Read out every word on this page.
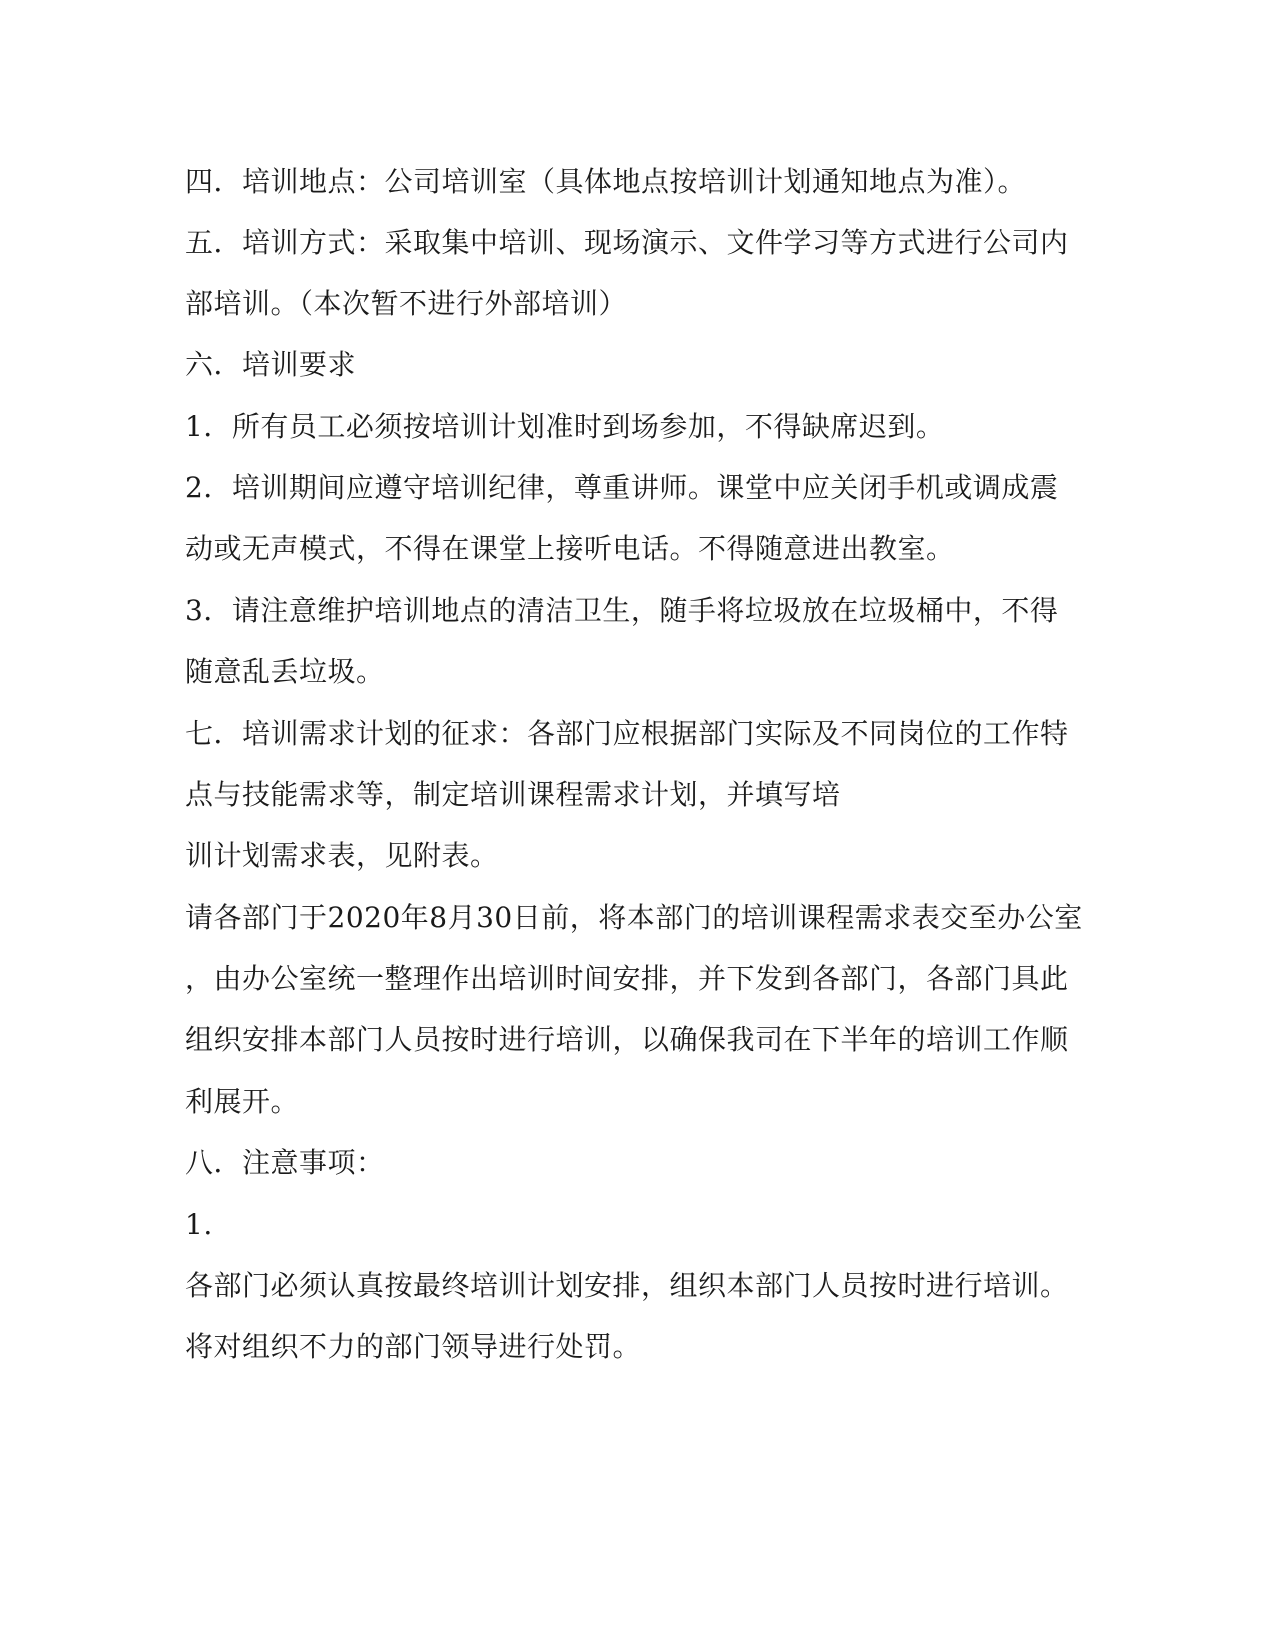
四．培训地点：公司培训室（具体地点按培训计划通知地点为准）。

五．培训方式：采取集中培训、现场演示、文件学习等方式进行公司内

部培训。（本次暂不进行外部培训）

六．培训要求

1．所有员工必须按培训计划准时到场参加，不得缺席迟到。

2．培训期间应遵守培训纪律，尊重讲师。课堂中应关闭手机或调成震

动或无声模式，不得在课堂上接听电话。不得随意进出教室。

3．请注意维护培训地点的清洁卫生，随手将垃圾放在垃圾桶中，不得

随意乱丢垃圾。

七．培训需求计划的征求：各部门应根据部门实际及不同岗位的工作特

点与技能需求等，制定培训课程需求计划，并填写培

训计划需求表，见附表。

请各部门于2020年8月30日前，将本部门的培训课程需求表交至办公室

，由办公室统一整理作出培训时间安排，并下发到各部门，各部门具此

组织安排本部门人员按时进行培训，以确保我司在下半年的培训工作顺

利展开。

八．注意事项：

1.

各部门必须认真按最终培训计划安排，组织本部门人员按时进行培训。

将对组织不力的部门领导进行处罚。
